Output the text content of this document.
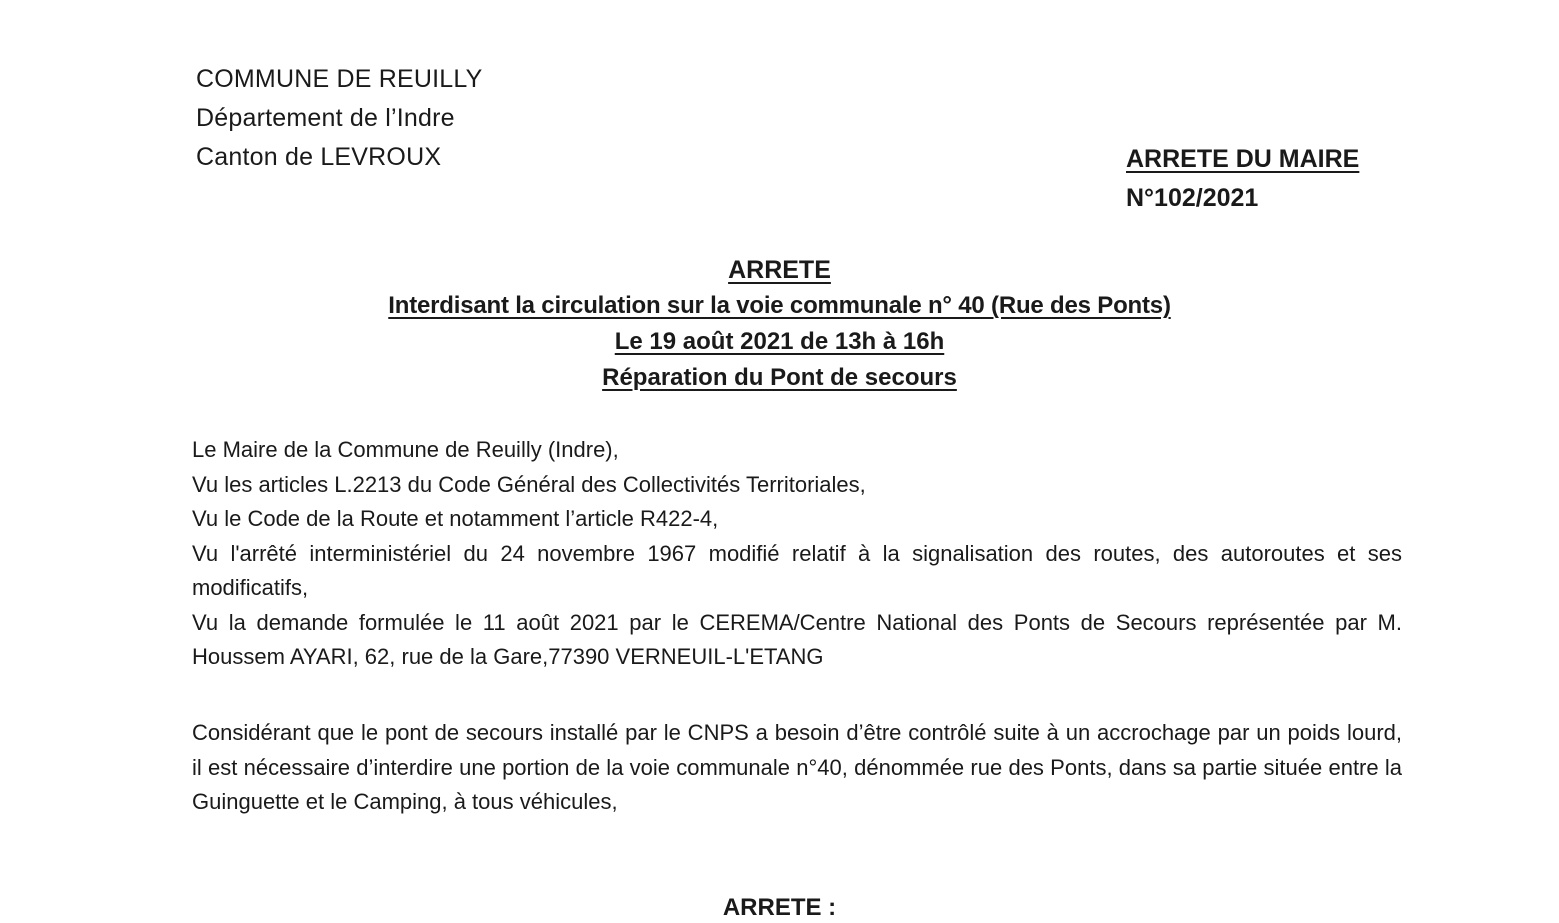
COMMUNE DE REUILLY
Département de l’Indre
Canton de LEVROUX	ARRETE DU MAIRE
N°102/2021
ARRETE
Interdisant la circulation sur la voie communale n° 40 (Rue des Ponts)
Le 19 août 2021 de 13h à 16h
Réparation du Pont de secours

Le Maire de la Commune de Reuilly (Indre),

Vu les articles L.2213 du Code Général des Collectivités Territoriales,

Vu le Code de la Route et notamment l’article R422-4,

Vu l'arrêté interministériel du 24 novembre 1967 modifié relatif à la signalisation des routes, des autoroutes et ses modificatifs,

Vu la demande formulée le 11 août 2021 par le CEREMA/Centre National des Ponts de Secours représentée par M. Houssem AYARI, 62, rue de la Gare,77390 VERNEUIL-L'ETANG

Considérant que le pont de secours installé par le CNPS a besoin d’être contrôlé suite à un accrochage par un poids lourd, il est nécessaire d’interdire une portion de la voie communale n°40, dénommée rue des Ponts, dans sa partie située entre la Guinguette et le Camping, à tous véhicules,

ARRETE :
